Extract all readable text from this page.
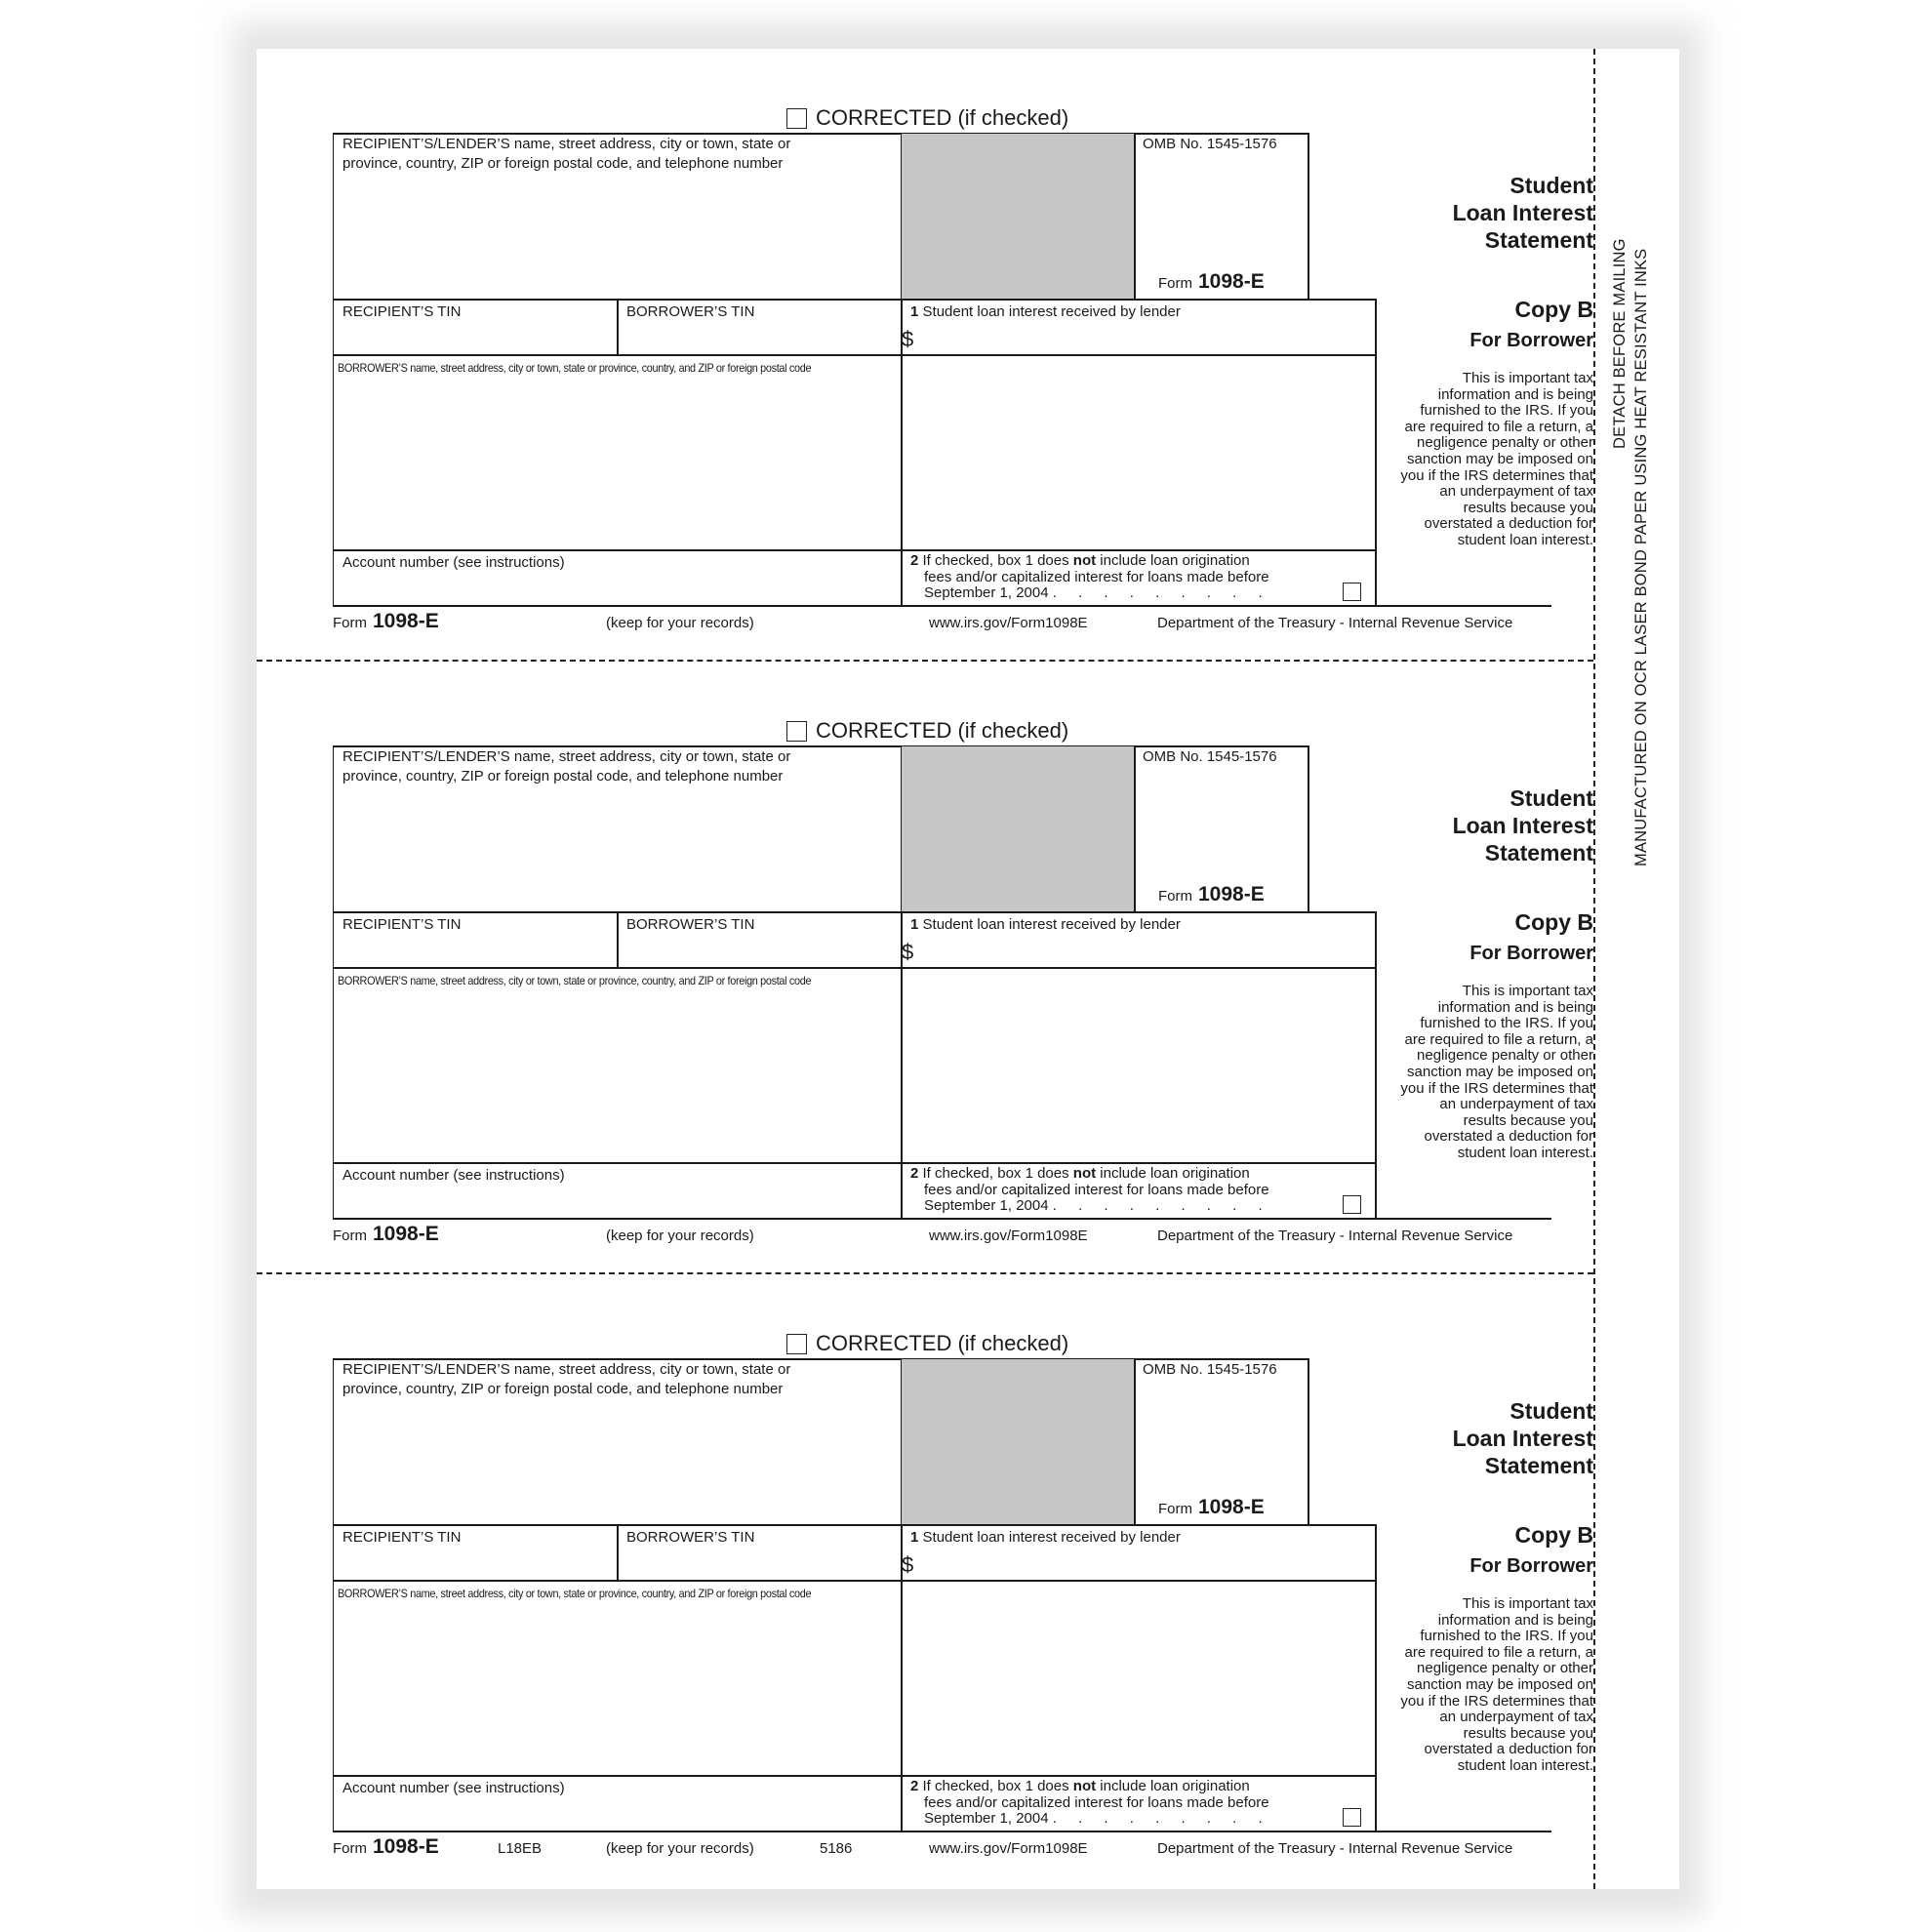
DETACH BEFORE MAILING MANUFACTURED ON OCR LASER BOND PAPER USING HEAT RESISTANT INKS
CORRECTED (if checked)
RECIPIENT’S/LENDER’S name, street address, city or town, state or
province, country, ZIP or foreign postal code, and telephone number
OMB No. 1545-1576
Form 1098-E
Student
Loan Interest
Statement
RECIPIENT’S TIN	BORROWER’S TIN	1 Student loan interest received by lender
$
Copy B
For Borrower
BORROWER’S name, street address, city or town, state or province, country, and ZIP or foreign postal code
This is important tax information and is being furnished to the IRS. If you are required to file a return, a negligence penalty or other sanction may be imposed on you if the IRS determines that an underpayment of tax results because you overstated a deduction for student loan interest.
Account number (see instructions)	2 If checked, box 1 does not include loan origination
fees and/or capitalized interest for loans made before
September 1, 2004 . . . . . . . . .
Form 1098-E	(keep for your records)	www.irs.gov/Form1098E	Department of the Treasury - Internal Revenue Service
CORRECTED (if checked)
RECIPIENT’S/LENDER’S name, street address, city or town, state or
province, country, ZIP or foreign postal code, and telephone number
OMB No. 1545-1576
Form 1098-E
Student
Loan Interest
Statement
RECIPIENT’S TIN	BORROWER’S TIN	1 Student loan interest received by lender
$
Copy B
For Borrower
BORROWER’S name, street address, city or town, state or province, country, and ZIP or foreign postal code
This is important tax information and is being furnished to the IRS. If you are required to file a return, a negligence penalty or other sanction may be imposed on you if the IRS determines that an underpayment of tax results because you overstated a deduction for student loan interest.
Account number (see instructions)	2 If checked, box 1 does not include loan origination
fees and/or capitalized interest for loans made before
September 1, 2004 . . . . . . . . .
Form 1098-E	(keep for your records)	www.irs.gov/Form1098E	Department of the Treasury - Internal Revenue Service
CORRECTED (if checked)
RECIPIENT’S/LENDER’S name, street address, city or town, state or
province, country, ZIP or foreign postal code, and telephone number
OMB No. 1545-1576
Form 1098-E
Student
Loan Interest
Statement
RECIPIENT’S TIN	BORROWER’S TIN	1 Student loan interest received by lender
$
Copy B
For Borrower
BORROWER’S name, street address, city or town, state or province, country, and ZIP or foreign postal code
This is important tax information and is being furnished to the IRS. If you are required to file a return, a negligence penalty or other sanction may be imposed on you if the IRS determines that an underpayment of tax results because you overstated a deduction for student loan interest.
Account number (see instructions)	2 If checked, box 1 does not include loan origination
fees and/or capitalized interest for loans made before
September 1, 2004 . . . . . . . . .
Form 1098-E	(keep for your records)	www.irs.gov/Form1098E	Department of the Treasury - Internal Revenue Service
L18EB	5186
